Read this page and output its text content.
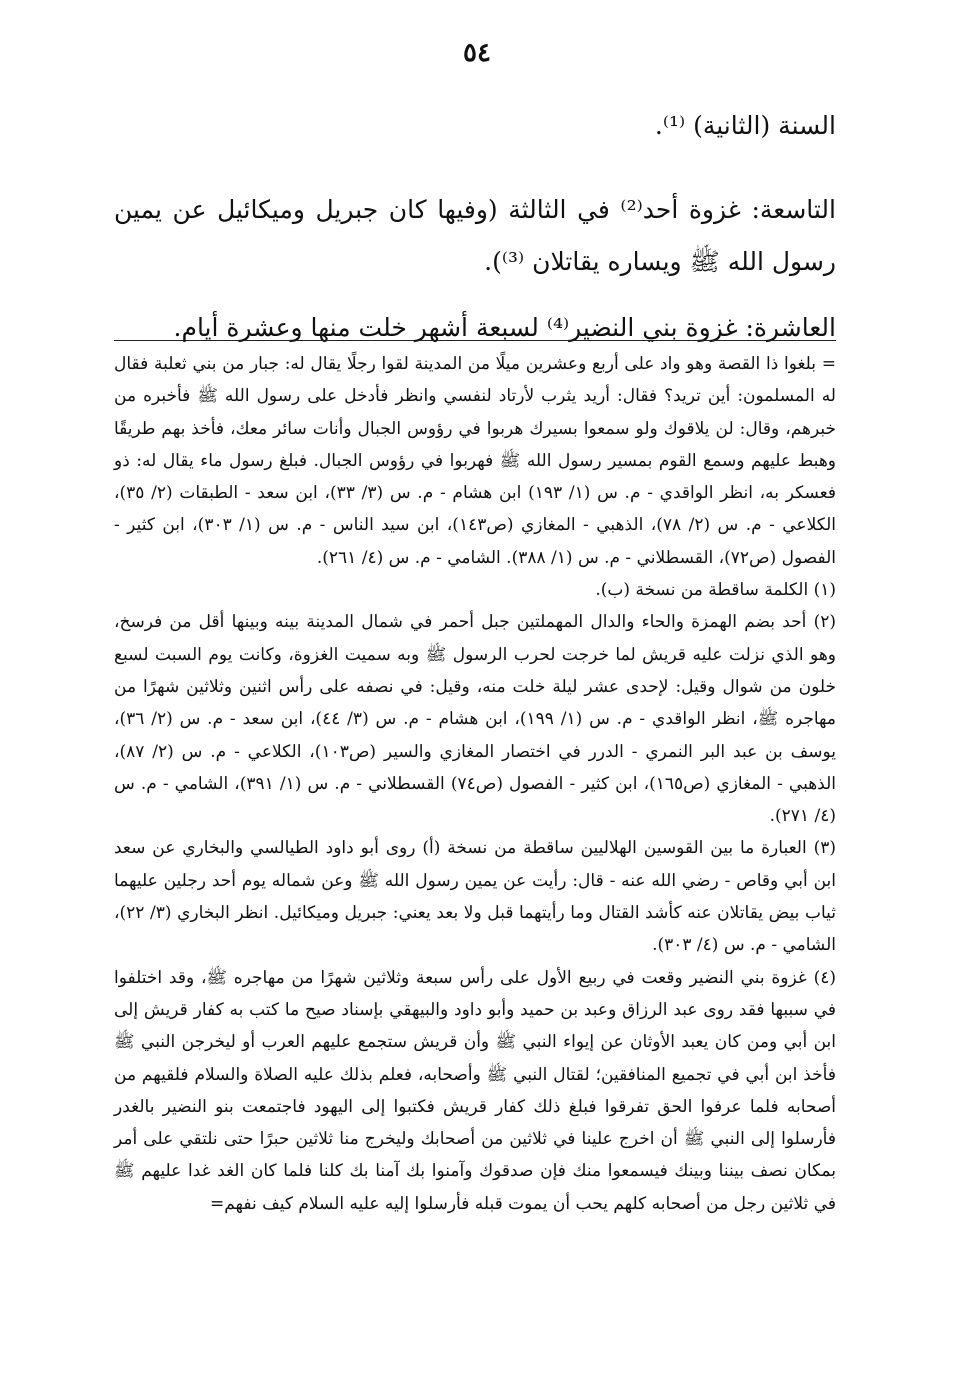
٥٤

السنة (الثانية) ⁽¹⁾.

التاسعة: غزوة أحد⁽²⁾ في الثالثة (وفيها كان جبريل وميكائيل عن يمين رسول الله ﷺ ويساره يقاتلان ⁽³⁾).

العاشرة: غزوة بني النضير⁽⁴⁾ لسبعة أشهر خلت منها وعشرة أيام.

= بلغوا ذا القصة وهو واد على أربع وعشرين ميلًا من المدينة لقوا رجلًا يقال له: جبار من بني ثعلبة فقال له المسلمون: أين تريد؟ فقال: أريد يثرب لأرتاد لنفسي وانظر فأدخل على رسول الله ﷺ فأخبره من خبرهم، وقال: لن يلاقوك ولو سمعوا بسيرك هربوا في رؤوس الجبال وأنات سائر معك، فأخذ بهم طريقًا وهبط عليهم وسمع القوم بمسير رسول الله ﷺ فهربوا في رؤوس الجبال. فبلغ رسول ماء يقال له: ذو فعسكر به، انظر الواقدي - م. س (١/ ١٩٣) ابن هشام - م. س (٣/ ٣٣)، ابن سعد - الطبقات (٢/ ٣٥)، الكلاعي - م. س (٢/ ٧٨)، الذهبي - المغازي (ص١٤٣)، ابن سيد الناس - م. س (١/ ٣٠٣)، ابن كثير - الفصول (ص٧٢)، القسطلاني - م. س (١/ ٣٨٨). الشامي - م. س (٤/ ٢٦١).

(١) الكلمة ساقطة من نسخة (ب).

(٢) أحد بضم الهمزة والحاء والدال المهملتين جبل أحمر في شمال المدينة بينه وبينها أقل من فرسخ، وهو الذي نزلت عليه قريش لما خرجت لحرب الرسول ﷺ وبه سميت الغزوة، وكانت يوم السبت لسبع خلون من شوال وقيل: لإحدى عشر ليلة خلت منه، وقيل: في نصفه على رأس اثنين وثلاثين شهرًا من مهاجره ﷺ، انظر الواقدي - م. س (١/ ١٩٩)، ابن هشام - م. س (٣/ ٤٤)، ابن سعد - م. س (٢/ ٣٦)، يوسف بن عبد البر النمري - الدرر في اختصار المغازي والسير (ص١٠٣)، الكلاعي - م. س (٢/ ٨٧)، الذهبي - المغازي (ص١٦٥)، ابن كثير - الفصول (ص٧٤) القسطلاني - م. س (١/ ٣٩١)، الشامي - م. س (٤/ ٢٧١).

(٣) العبارة ما بين القوسين الهلاليين ساقطة من نسخة (أ) روى أبو داود الطيالسي والبخاري عن سعد ابن أبي وقاص - رضي الله عنه - قال: رأيت عن يمين رسول الله ﷺ وعن شماله يوم أحد رجلين عليهما ثياب بيض يقاتلان عنه كأشد القتال وما رأيتهما قبل ولا بعد يعني: جبريل وميكائيل. انظر البخاري (٣/ ٢٢)، الشامي - م. س (٤/ ٣٠٣).

(٤) غزوة بني النضير وقعت في ربيع الأول على رأس سبعة وثلاثين شهرًا من مهاجره ﷺ، وقد اختلفوا في سببها فقد روى عبد الرزاق وعبد بن حميد وأبو داود والبيهقي بإسناد صيح ما كتب به كفار قريش إلى ابن أبي ومن كان يعبد الأوثان عن إيواء النبي ﷺ وأن قريش ستجمع عليهم العرب أو ليخرجن النبي ﷺ فأخذ ابن أبي في تجميع المنافقين؛ لقتال النبي ﷺ وأصحابه، فعلم بذلك عليه الصلاة والسلام فلقيهم من أصحابه فلما عرفوا الحق تفرقوا فبلغ ذلك كفار قريش فكتبوا إلى اليهود فاجتمعت بنو النضير بالغدر فأرسلوا إلى النبي ﷺ أن اخرج علينا في ثلاثين من أصحابك وليخرج منا ثلاثين حبرًا حتى نلتقي على أمر بمكان نصف بيننا وبينك فيسمعوا منك فإن صدقوك وآمنوا بك آمنا بك كلنا فلما كان الغد غدا عليهم ﷺ في ثلاثين رجل من أصحابه كلهم يحب أن يموت قبله فأرسلوا إليه عليه السلام كيف نفهم=
